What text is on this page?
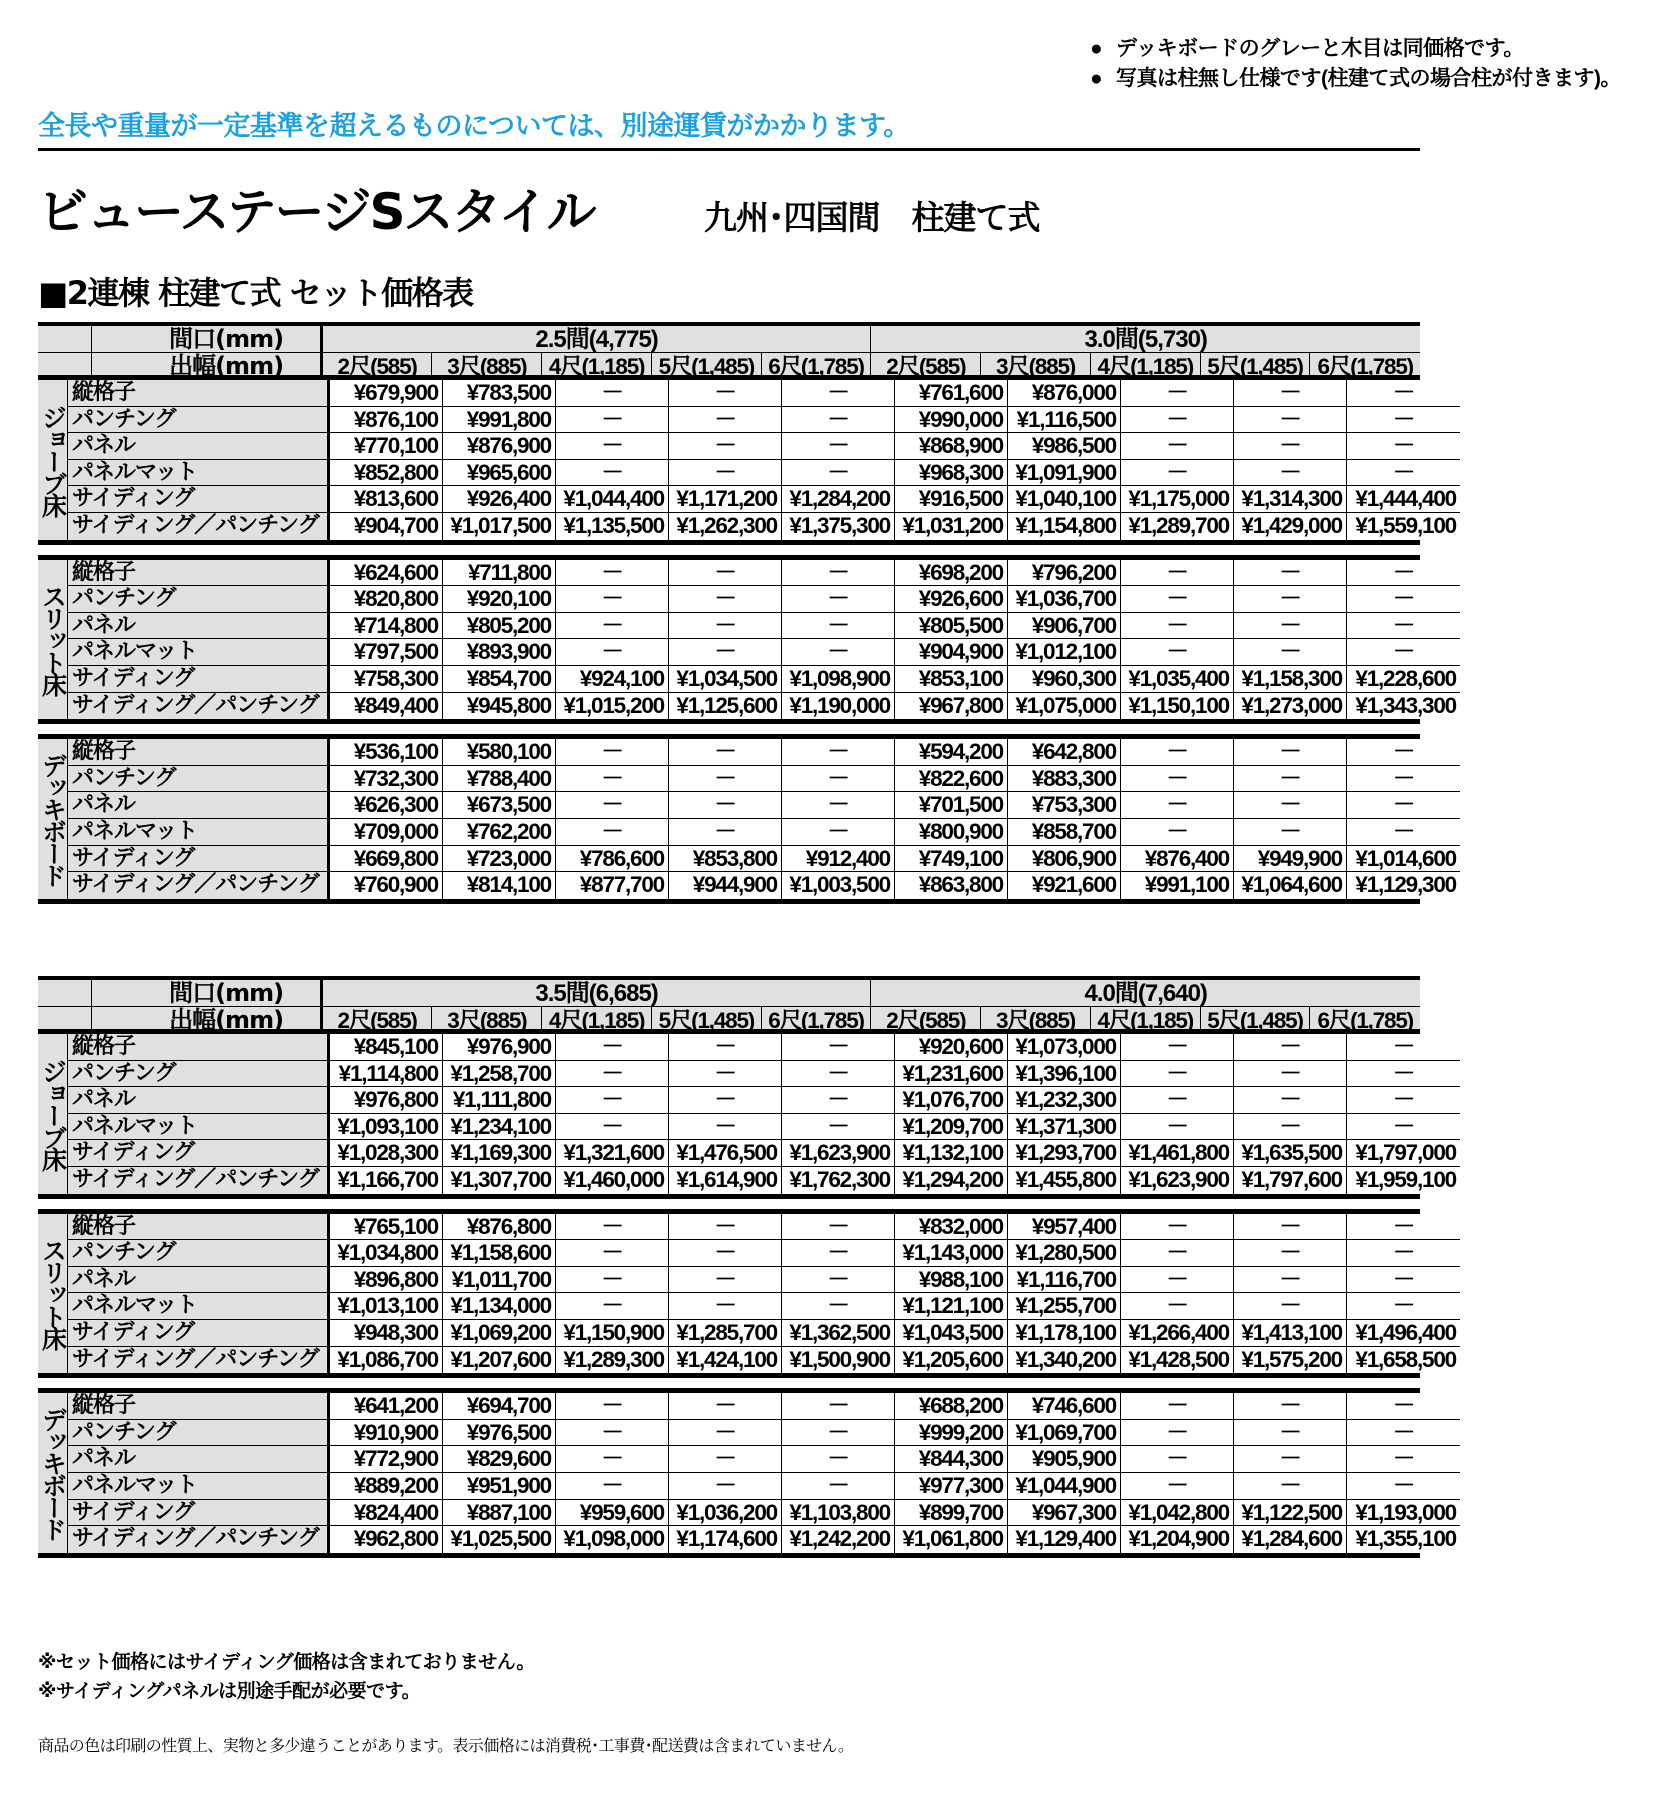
● デッキボードのグレーと木目は同価格です。
● 写真は柱無し仕様です(柱建て式の場合柱が付きます)。
全長や重量が一定基準を超えるものについては、別途運賃がかかります。
ビューステージSスタイル	九州･四国間　柱建て式
■2連棟 柱建て式 セット価格表
間口(mm)	2.5間(4,775)	3.0間(5,730)
出幅(mm)	2尺(585)	3尺(885) 4尺(1,185) 5尺(1,485) 6尺(1,785) 2尺(585)	3尺(885) 4尺(1,185) 5尺(1,485) 6尺(1,785)
ジョーブ床
縦格子	¥679,900	¥783,500	－	－	－	¥761,600	¥876,000	－	－	－
パンチング	¥876,100	¥991,800	－	－	－	¥990,000 ¥1,116,500	－	－	－
パネル	¥770,100	¥876,900	－	－	－	¥868,900	¥986,500	－	－	－
パネルマット	¥852,800	¥965,600	－	－	－	¥968,300 ¥1,091,900	－	－	－
サイディング	¥813,600	¥926,400 ¥1,044,400 ¥1,171,200 ¥1,284,200	¥916,500 ¥1,040,100 ¥1,175,000 ¥1,314,300 ¥1,444,400
サイディング／パンチング	¥904,700 ¥1,017,500 ¥1,135,500 ¥1,262,300 ¥1,375,300 ¥1,031,200 ¥1,154,800 ¥1,289,700 ¥1,429,000 ¥1,559,100
スリット床
縦格子	¥624,600	¥711,800	－	－	－	¥698,200	¥796,200	－	－	－
パンチング	¥820,800	¥920,100	－	－	－	¥926,600 ¥1,036,700	－	－	－
パネル	¥714,800	¥805,200	－	－	－	¥805,500	¥906,700	－	－	－
パネルマット	¥797,500	¥893,900	－	－	－	¥904,900 ¥1,012,100	－	－	－
サイディング	¥758,300	¥854,700	¥924,100 ¥1,034,500 ¥1,098,900	¥853,100	¥960,300 ¥1,035,400 ¥1,158,300 ¥1,228,600
サイディング／パンチング	¥849,400	¥945,800 ¥1,015,200 ¥1,125,600 ¥1,190,000	¥967,800 ¥1,075,000 ¥1,150,100 ¥1,273,000 ¥1,343,300
デッキボード
縦格子	¥536,100	¥580,100	－	－	－	¥594,200	¥642,800	－	－	－
パンチング	¥732,300	¥788,400	－	－	－	¥822,600	¥883,300	－	－	－
パネル	¥626,300	¥673,500	－	－	－	¥701,500	¥753,300	－	－	－
パネルマット	¥709,000	¥762,200	－	－	－	¥800,900	¥858,700	－	－	－
サイディング	¥669,800	¥723,000	¥786,600	¥853,800	¥912,400	¥749,100	¥806,900	¥876,400	¥949,900 ¥1,014,600
サイディング／パンチング	¥760,900	¥814,100	¥877,700	¥944,900 ¥1,003,500	¥863,800	¥921,600	¥991,100 ¥1,064,600 ¥1,129,300
間口(mm)	3.5間(6,685)	4.0間(7,640)
出幅(mm)	2尺(585)	3尺(885) 4尺(1,185) 5尺(1,485) 6尺(1,785) 2尺(585)	3尺(885) 4尺(1,185) 5尺(1,485) 6尺(1,785)
ジョーブ床
縦格子	¥845,100	¥976,900	－	－	－	¥920,600 ¥1,073,000	－	－	－
パンチング	¥1,114,800 ¥1,258,700	－	－	－	¥1,231,600 ¥1,396,100	－	－	－
パネル	¥976,800 ¥1,111,800	－	－	－	¥1,076,700 ¥1,232,300	－	－	－
パネルマット	¥1,093,100 ¥1,234,100	－	－	－	¥1,209,700 ¥1,371,300	－	－	－
サイディング	¥1,028,300 ¥1,169,300 ¥1,321,600 ¥1,476,500 ¥1,623,900 ¥1,132,100 ¥1,293,700 ¥1,461,800 ¥1,635,500 ¥1,797,000
サイディング／パンチング ¥1,166,700 ¥1,307,700 ¥1,460,000 ¥1,614,900 ¥1,762,300 ¥1,294,200 ¥1,455,800 ¥1,623,900 ¥1,797,600 ¥1,959,100
スリット床
縦格子	¥765,100	¥876,800	－	－	－	¥832,000	¥957,400	－	－	－
パンチング	¥1,034,800 ¥1,158,600	－	－	－	¥1,143,000 ¥1,280,500	－	－	－
パネル	¥896,800 ¥1,011,700	－	－	－	¥988,100 ¥1,116,700	－	－	－
パネルマット	¥1,013,100 ¥1,134,000	－	－	－	¥1,121,100 ¥1,255,700	－	－	－
サイディング	¥948,300 ¥1,069,200 ¥1,150,900 ¥1,285,700 ¥1,362,500 ¥1,043,500 ¥1,178,100 ¥1,266,400 ¥1,413,100 ¥1,496,400
サイディング／パンチング ¥1,086,700 ¥1,207,600 ¥1,289,300 ¥1,424,100 ¥1,500,900 ¥1,205,600 ¥1,340,200 ¥1,428,500 ¥1,575,200 ¥1,658,500
デッキボード
縦格子	¥641,200	¥694,700	－	－	－	¥688,200	¥746,600	－	－	－
パンチング	¥910,900	¥976,500	－	－	－	¥999,200 ¥1,069,700	－	－	－
パネル	¥772,900	¥829,600	－	－	－	¥844,300	¥905,900	－	－	－
パネルマット	¥889,200	¥951,900	－	－	－	¥977,300 ¥1,044,900	－	－	－
サイディング	¥824,400	¥887,100	¥959,600 ¥1,036,200 ¥1,103,800	¥899,700	¥967,300 ¥1,042,800 ¥1,122,500 ¥1,193,000
サイディング／パンチング	¥962,800 ¥1,025,500 ¥1,098,000 ¥1,174,600 ¥1,242,200 ¥1,061,800 ¥1,129,400 ¥1,204,900 ¥1,284,600 ¥1,355,100
※セット価格にはサイディング価格は含まれておりません。
※サイディングパネルは別途手配が必要です。
商品の色は印刷の性質上、実物と多少違うことがあります。表示価格には消費税･工事費･配送費は含まれていません。
